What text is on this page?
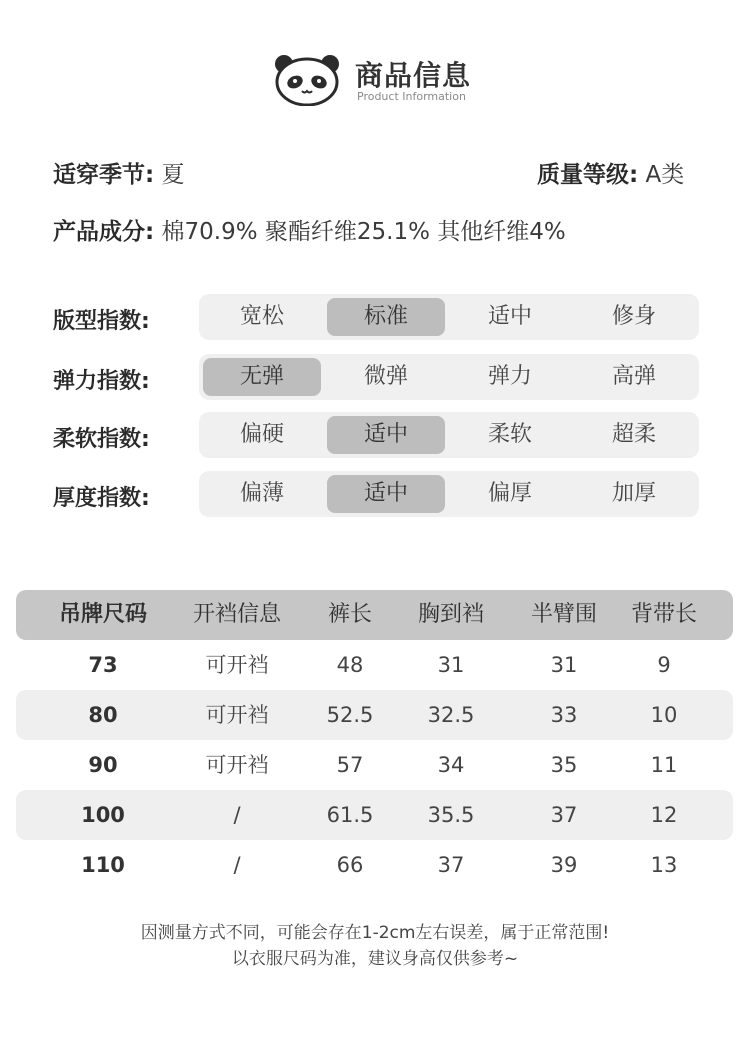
商品信息
Product Information
适穿季节: 夏	质量等级: A类
产品成分: 棉70.9% 聚酯纤维25.1% 其他纤维4%
版型指数:	宽松	标准	适中	修身
弹力指数:	无弹	微弹	弹力	高弹
柔软指数:	偏硬	适中	柔软	超柔
厚度指数:	偏薄	适中	偏厚	加厚
吊牌尺码	开裆信息	裤长	胸到裆	半臂围	背带长
73	可开裆	48	31	31	9
80	可开裆	52.5	32.5	33	10
90	可开裆	57	34	35	11
100	/	61.5	35.5	37	12
110	/	66	37	39	13
因测量方式不同，可能会存在1-2cm左右误差，属于正常范围!
以衣服尺码为准，建议身高仅供参考~
